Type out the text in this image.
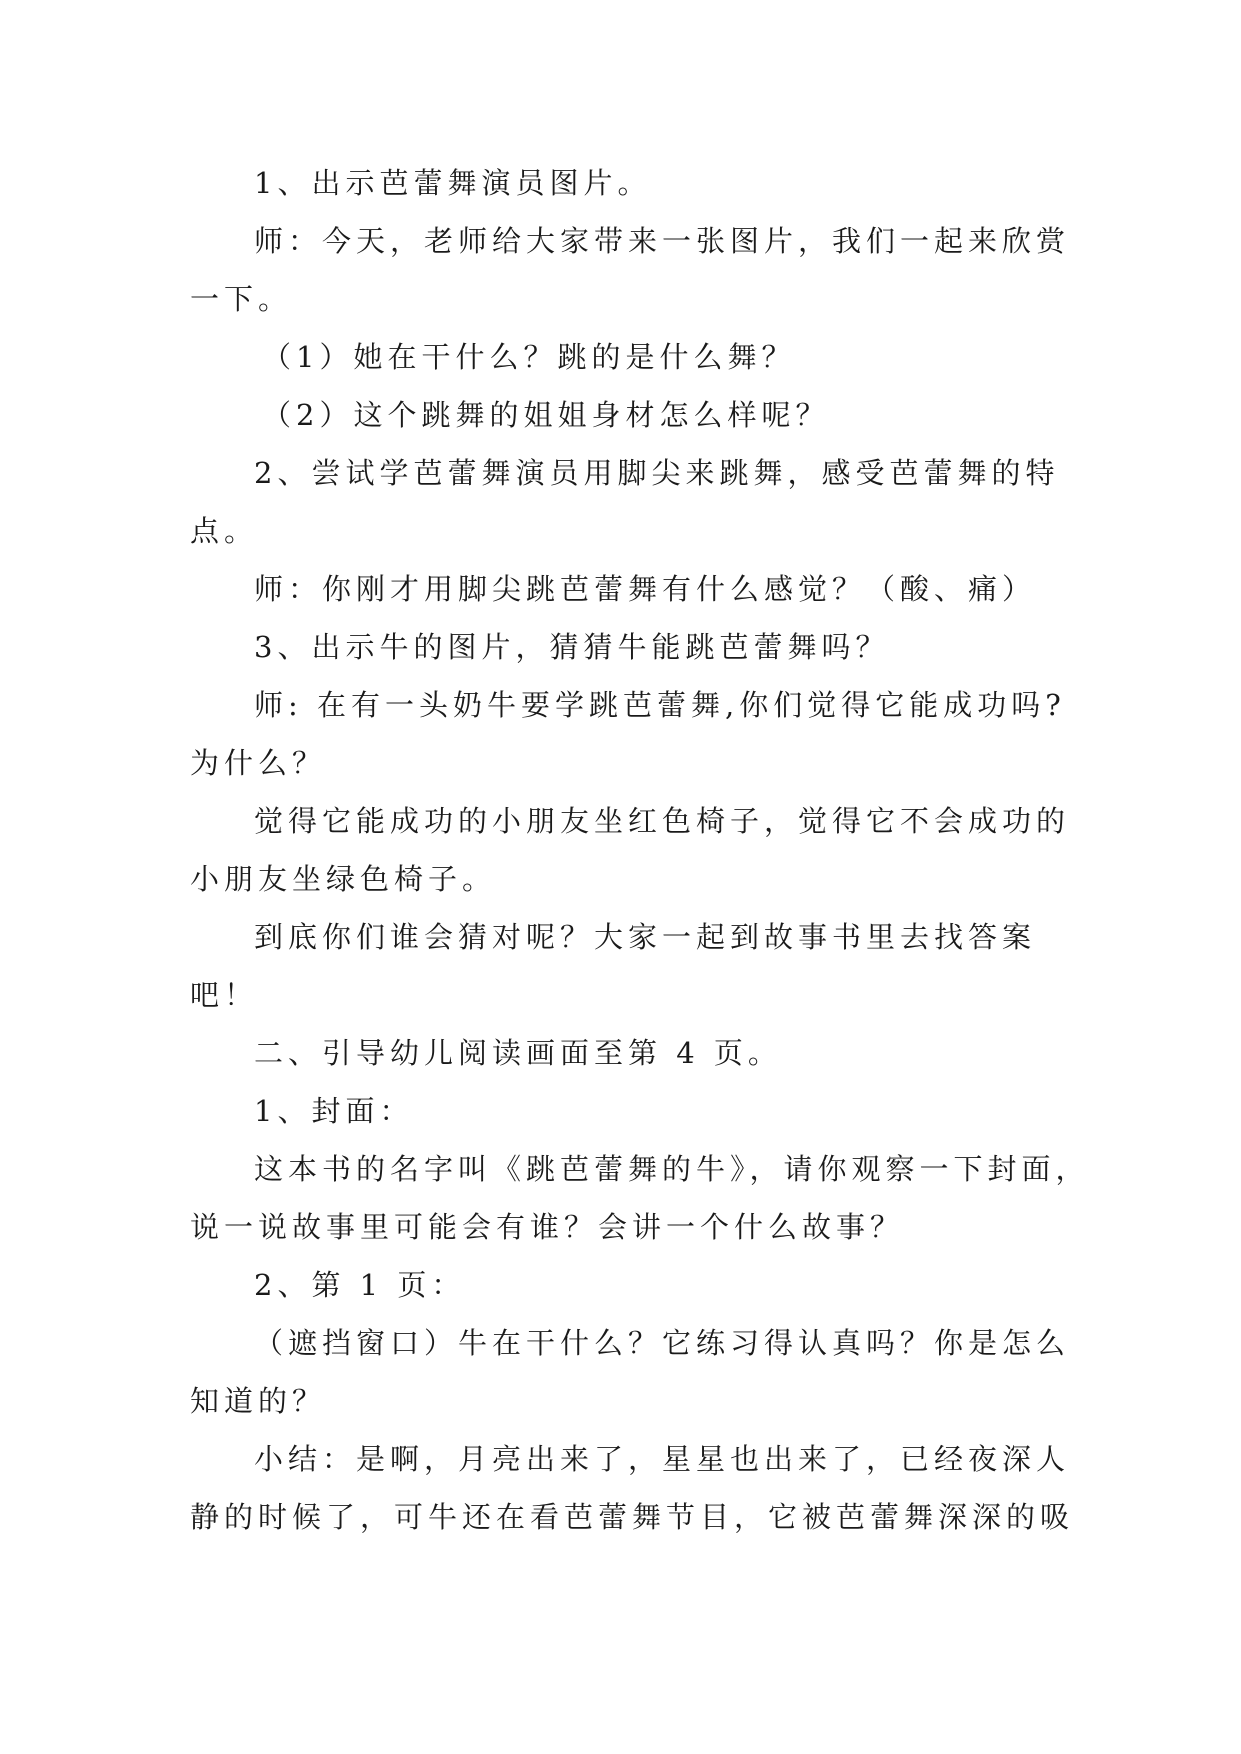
1、出示芭蕾舞演员图片。
师：今天，老师给大家带来一张图片，我们一起来欣赏
一下。
（1）她在干什么？跳的是什么舞？
（2）这个跳舞的姐姐身材怎么样呢？
2、尝试学芭蕾舞演员用脚尖来跳舞，感受芭蕾舞的特
点。
师：你刚才用脚尖跳芭蕾舞有什么感觉？（酸、痛）
3、出示牛的图片，猜猜牛能跳芭蕾舞吗？
师: 在有一头奶牛要学跳芭蕾舞,你们觉得它能成功吗?
为什么？
觉得它能成功的小朋友坐红色椅子，觉得它不会成功的
小朋友坐绿色椅子。
到底你们谁会猜对呢？大家一起到故事书里去找答案
吧！
二、引导幼儿阅读画面至第 4 页。
1、封面：
这本书的名字叫《跳芭蕾舞的牛》，请你观察一下封面，
说一说故事里可能会有谁？会讲一个什么故事？
2、第 1 页：
（遮挡窗口）牛在干什么？它练习得认真吗？你是怎么
知道的？
小结：是啊，月亮出来了，星星也出来了，已经夜深人
静的时候了，可牛还在看芭蕾舞节目，它被芭蕾舞深深的吸
